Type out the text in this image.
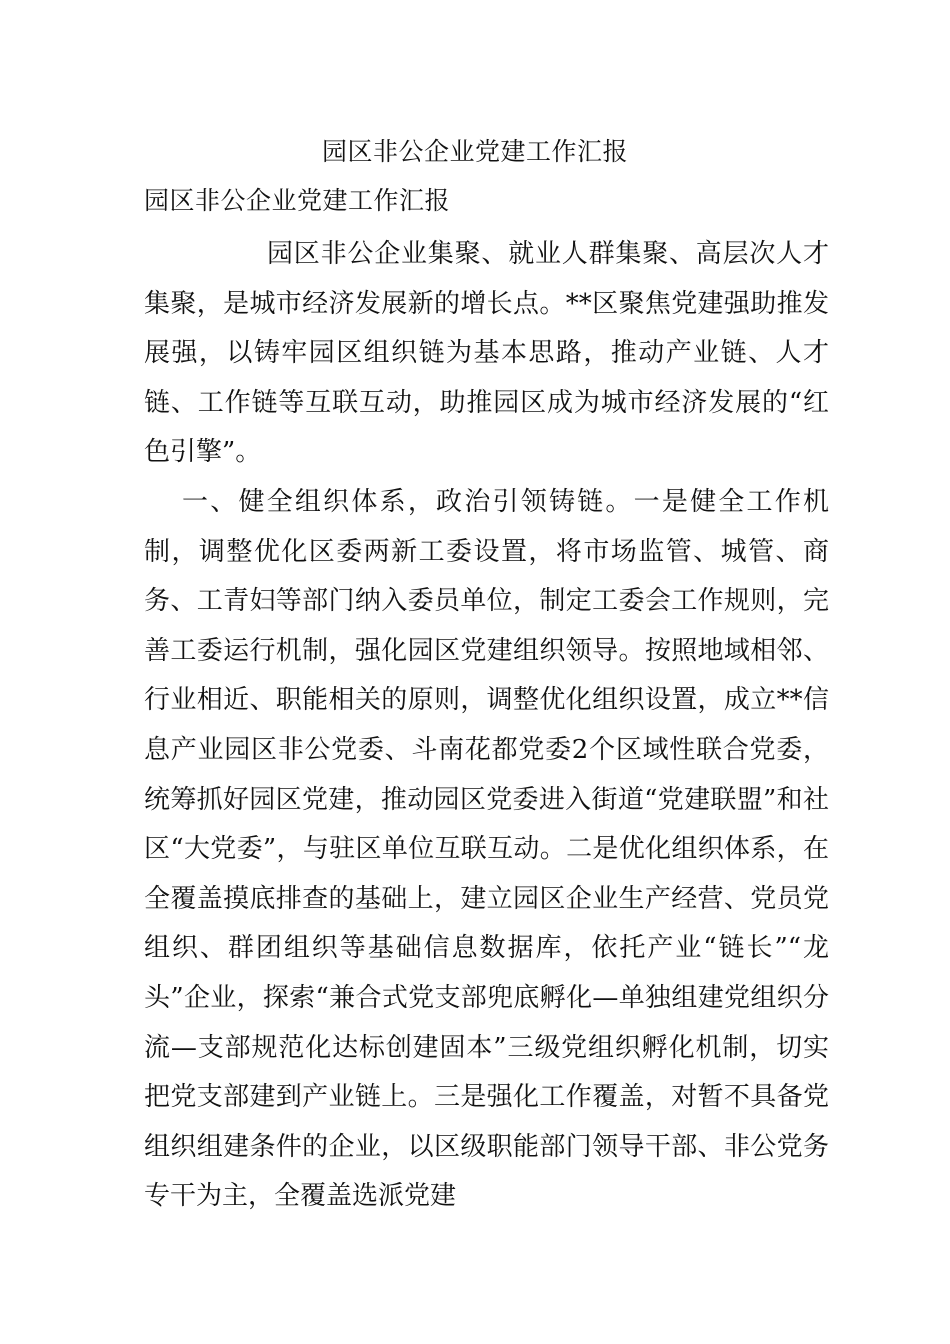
园区非公企业党建工作汇报
园区非公企业党建工作汇报

园区非公企业集聚、就业人群集聚、高层次人才集聚，是城市经济发展新的增长点。**区聚焦党建强助推发展强，以铸牢园区组织链为基本思路，推动产业链、人才链、工作链等互联互动，助推园区成为城市经济发展的“红色引擎”。

一、健全组织体系，政治引领铸链。一是健全工作机制，调整优化区委两新工委设置，将市场监管、城管、商务、工青妇等部门纳入委员单位，制定工委会工作规则，完善工委运行机制，强化园区党建组织领导。按照地域相邻、行业相近、职能相关的原则，调整优化组织设置，成立**信息产业园区非公党委、斗南花都党委2个区域性联合党委，统筹抓好园区党建，推动园区党委进入街道“党建联盟”和社区“大党委”，与驻区单位互联互动。二是优化组织体系，在全覆盖摸底排查的基础上，建立园区企业生产经营、党员党组织、群团组织等基础信息数据库，依托产业“链长”“龙头”企业，探索“兼合式党支部兜底孵化—单独组建党组织分流—支部规范化达标创建固本”三级党组织孵化机制，切实把党支部建到产业链上。三是强化工作覆盖，对暂不具备党组织组建条件的企业，以区级职能部门领导干部、非公党务专干为主，全覆盖选派党建
